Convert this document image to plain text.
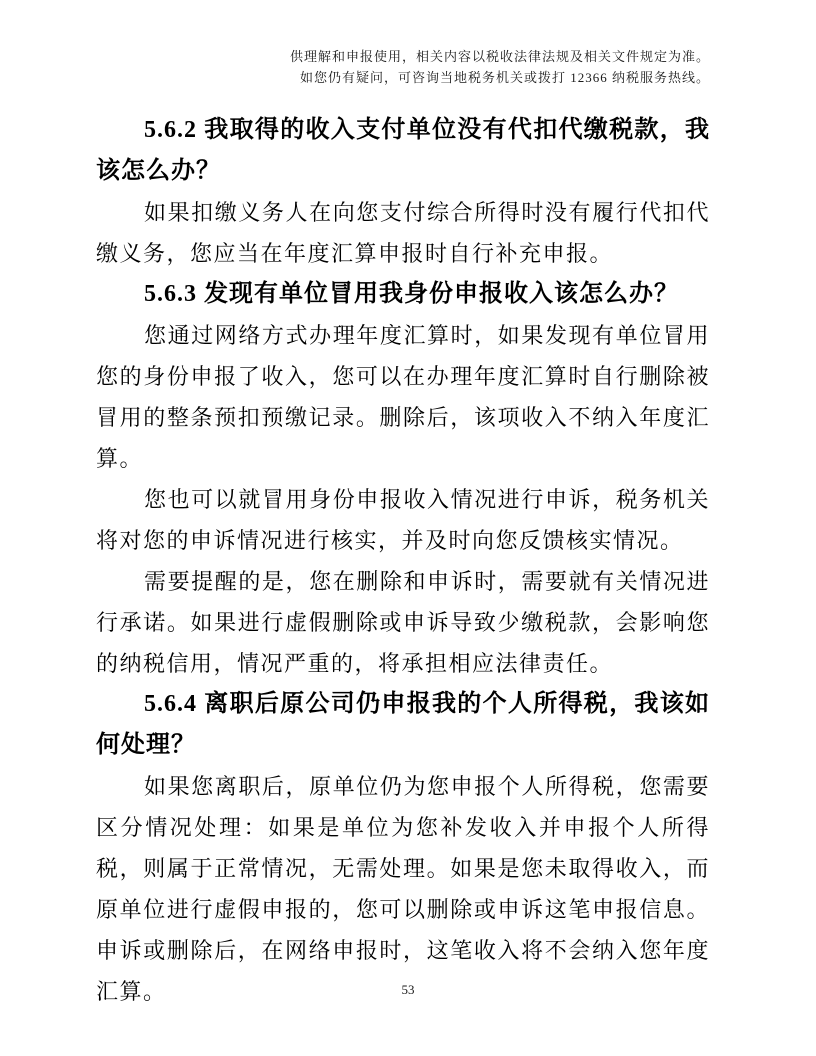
供理解和申报使用，相关内容以税收法律法规及相关文件规定为准。
如您仍有疑问，可咨询当地税务机关或拨打 12366 纳税服务热线。
5.6.2 我取得的收入支付单位没有代扣代缴税款，我该怎么办？

如果扣缴义务人在向您支付综合所得时没有履行代扣代缴义务，您应当在年度汇算申报时自行补充申报。

5.6.3 发现有单位冒用我身份申报收入该怎么办？

您通过网络方式办理年度汇算时，如果发现有单位冒用您的身份申报了收入，您可以在办理年度汇算时自行删除被冒用的整条预扣预缴记录。删除后，该项收入不纳入年度汇算。

您也可以就冒用身份申报收入情况进行申诉，税务机关将对您的申诉情况进行核实，并及时向您反馈核实情况。

需要提醒的是，您在删除和申诉时，需要就有关情况进行承诺。如果进行虚假删除或申诉导致少缴税款，会影响您的纳税信用，情况严重的，将承担相应法律责任。

5.6.4 离职后原公司仍申报我的个人所得税，我该如何处理？

如果您离职后，原单位仍为您申报个人所得税，您需要区分情况处理：如果是单位为您补发收入并申报个人所得税，则属于正常情况，无需处理。如果是您未取得收入，而原单位进行虚假申报的，您可以删除或申诉这笔申报信息。申诉或删除后，在网络申报时，这笔收入将不会纳入您年度汇算。	53
